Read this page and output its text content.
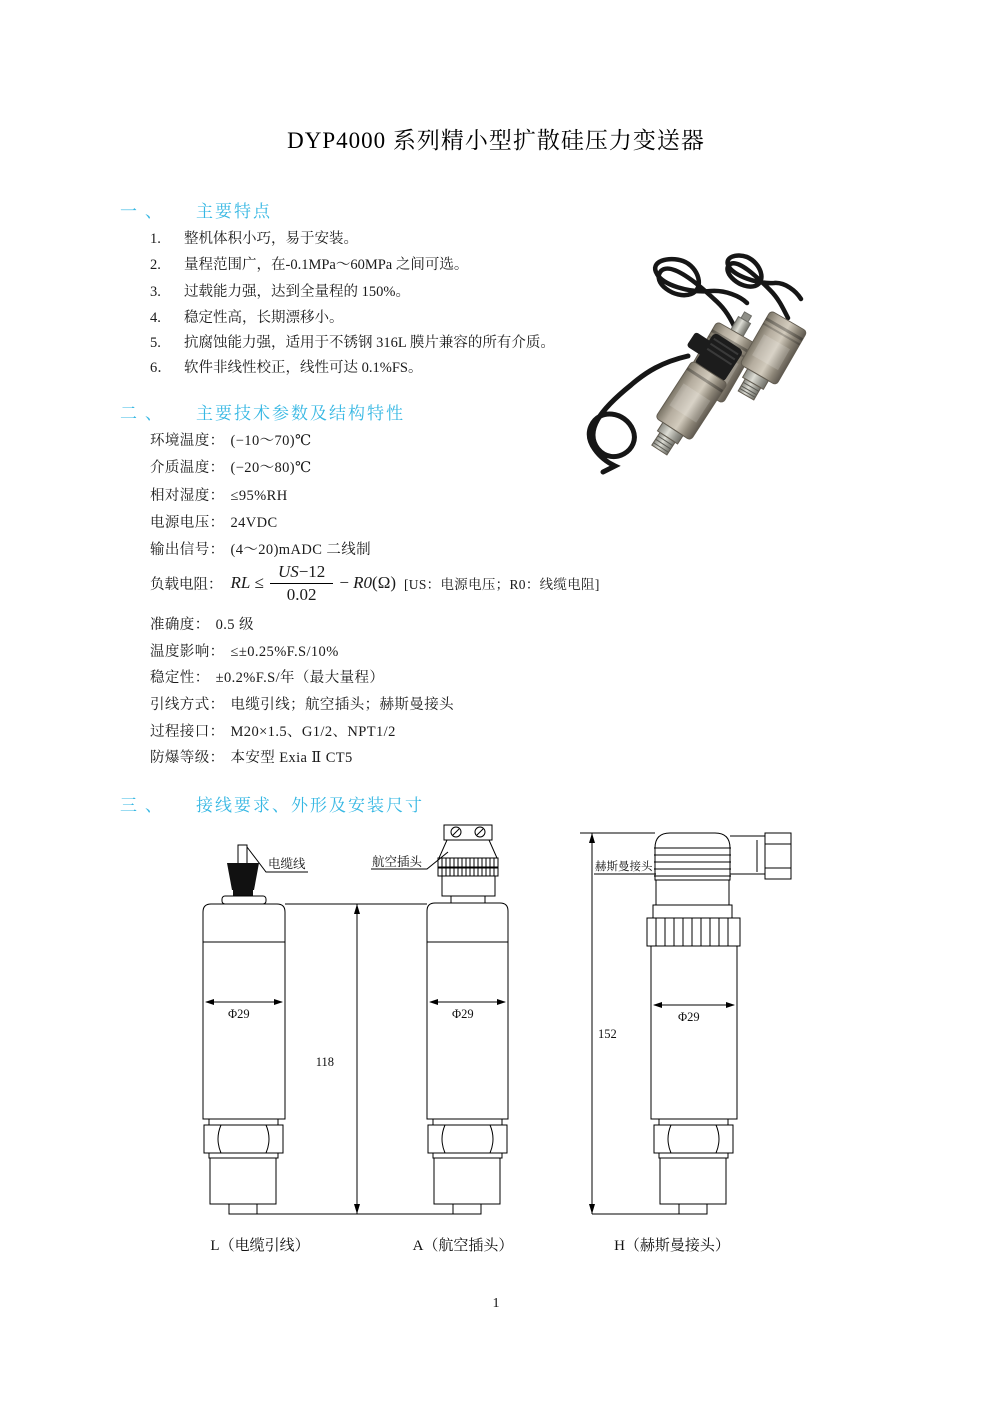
DYP4000 系列精小型扩散硅压力变送器
一、 主要特点
1. 整机体积小巧，易于安装。
2. 量程范围广，在-0.1MPa～60MPa 之间可选。
3. 过载能力强，达到全量程的 150%。
4. 稳定性高，长期漂移小。
5. 抗腐蚀能力强，适用于不锈钢 316L 膜片兼容的所有介质。
6． 软件非线性校正，线性可达 0.1%FS。
二、 主要技术参数及结构特性
环境温度： (−10～70)℃
介质温度： (−20～80)℃
相对湿度： ≤95%RH
电源电压： 24VDC
输出信号： (4～20)mADC 二线制
负载电阻： RL ≤ $\frac{US-12}{0.02} - R0(\Omega)$ [US：电源电压；R0：线缆电阻]
准确度： 0.5 级
温度影响： ≤±0.25%F.S/10%
稳定性： ±0.2%F.S/年（最大量程）
引线方式： 电缆引线；航空插头；赫斯曼接头
过程接口： M20×1.5、G1/2、NPT1/2
防爆等级： 本安型 Exia Ⅱ CT5
三、 接线要求、外形及安装尺寸
电缆线	航空插头	赫斯曼接头
Φ29	Φ29	Φ29
118
152
L（电缆引线）	A（航空插头）	H（赫斯曼接头）
1
